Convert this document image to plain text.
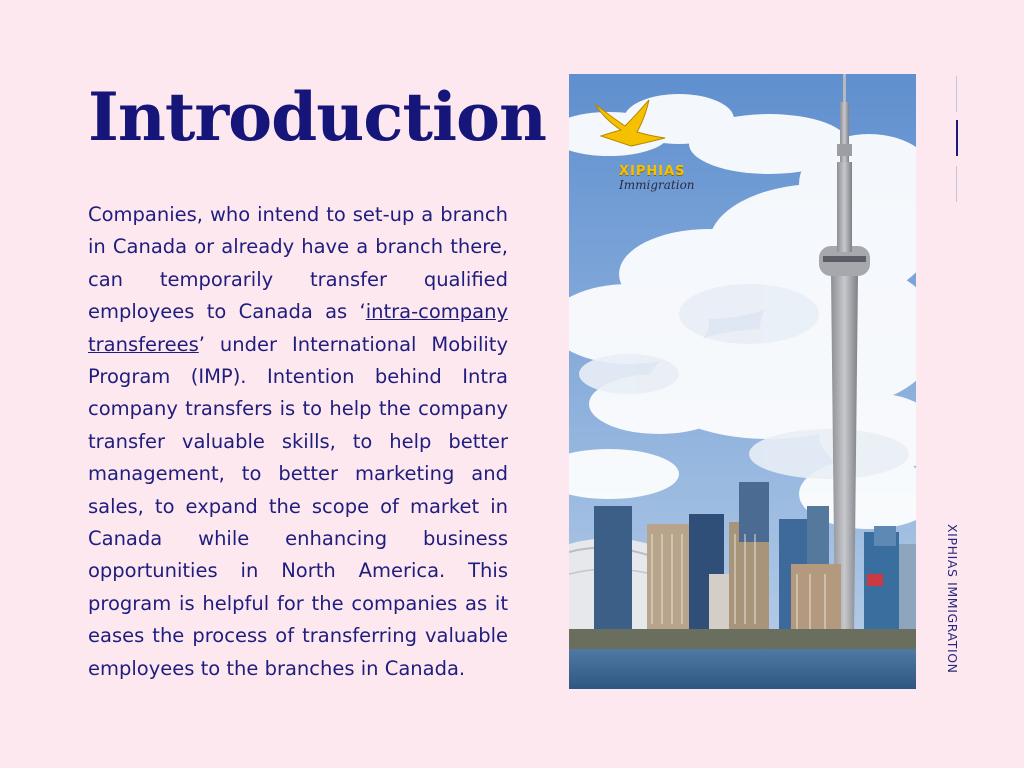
Introduction
Companies, who intend to set-up a branch in Canada or already have a branch there, can temporarily transfer qualified employees to Canada as ‘intra-company transferees’ under International Mobility Program (IMP). Intention behind Intra company transfers is to help the company transfer valuable skills, to help better management, to better marketing and sales, to expand the scope of market in Canada while enhancing business opportunities in North America. This program is helpful for the companies as it eases the process of transferring valuable employees to the branches in Canada.
XIPHIAS
Immigration
XIPHIAS IMMIGRATION
